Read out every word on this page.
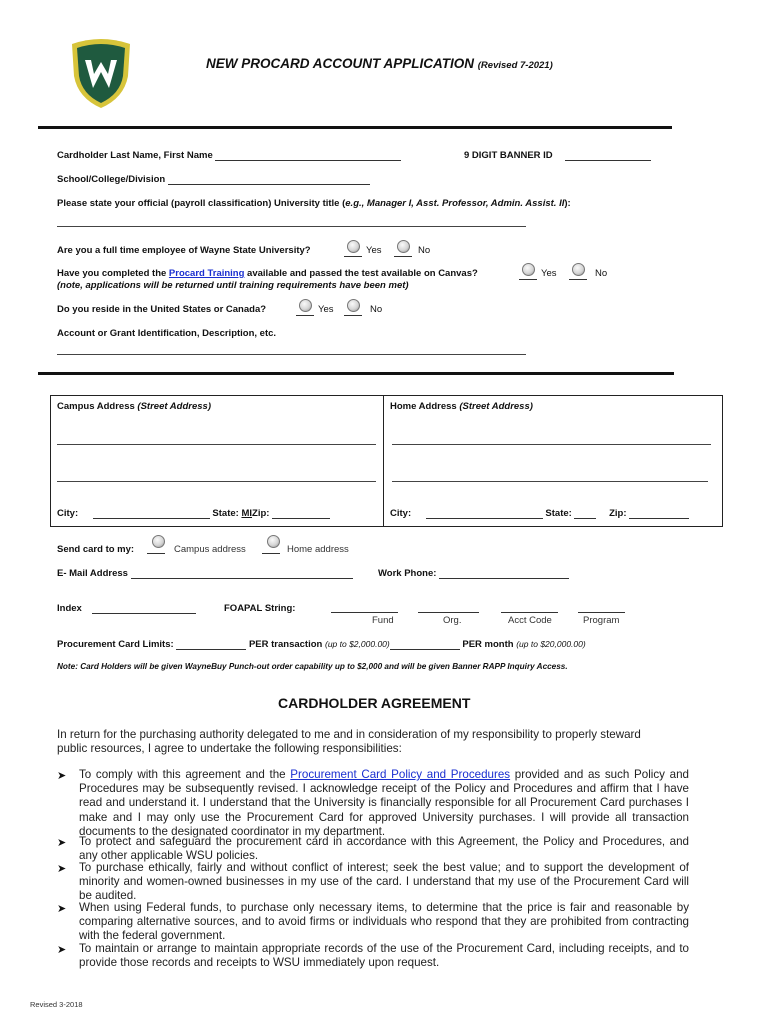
NEW PROCARD ACCOUNT APPLICATION (Revised 7-2021)
Cardholder Last Name, First Name	9 DIGIT BANNER ID
School/College/Division
Please state your official (payroll classification) University title (e.g., Manager I, Asst. Professor, Admin. Assist. II):
Are you a full time employee of Wayne State University?	Yes	No
Have you completed the Procard Training available and passed the test available on Canvas?
(note, applications will be returned until training requirements have been met)
Yes	No
Do you reside in the United States or Canada?	Yes	No
Account or Grant Identification, Description, etc.
Campus Address (Street Address)
City:	State: MIZip:
Home Address (Street Address)
City:	State:	Zip:
Send card to my:	Campus address	Home address
E- Mail Address	Work Phone:
Index	FOAPAL String:
Fund	Org.	Acct Code	Program
Procurement Card Limits:	PER transaction (up to $2,000.00)	PER month (up to $20,000.00)
Note: Card Holders will be given WayneBuy Punch-out order capability up to $2,000 and will be given Banner RAPP Inquiry Access.
CARDHOLDER AGREEMENT
In return for the purchasing authority delegated to me and in consideration of my responsibility to properly steward public resources, I agree to undertake the following responsibilities:
➤ To comply with this agreement and the Procurement Card Policy and Procedures provided and as such Policy and Procedures may be subsequently revised. I acknowledge receipt of the Policy and Procedures and affirm that I have read and understand it. I understand that the University is financially responsible for all Procurement Card purchases I make and I may only use the Procurement Card for approved University purchases. I will provide all transaction documents to the designated coordinator in my department.
➤ To protect and safeguard the procurement card in accordance with this Agreement, the Policy and Procedures, and any other applicable WSU policies.
➤ To purchase ethically, fairly and without conflict of interest; seek the best value; and to support the development of minority and women-owned businesses in my use of the card. I understand that my use of the Procurement Card will be audited.
➤ When using Federal funds, to purchase only necessary items, to determine that the price is fair and reasonable by comparing alternative sources, and to avoid firms or individuals who respond that they are prohibited from contracting with the federal government.
➤ To maintain or arrange to maintain appropriate records of the use of the Procurement Card, including receipts, and to provide those records and receipts to WSU immediately upon request.
Revised 3-2018
